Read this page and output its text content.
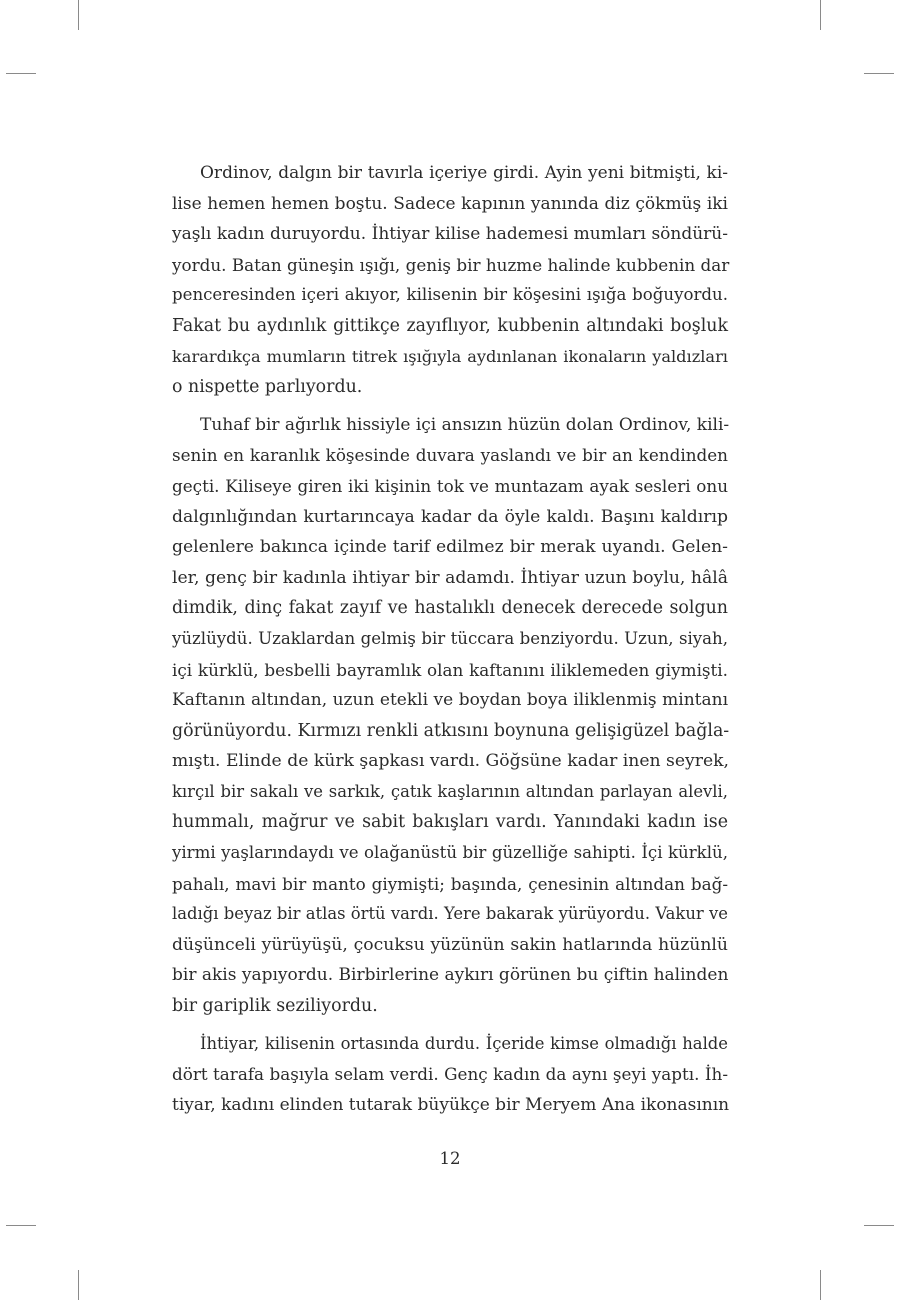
Ordinov, dalgın bir tavırla içeriye girdi. Ayin yeni bitmişti, ki-
lise hemen hemen boştu. Sadece kapının yanında diz çökmüş iki
yaşlı kadın duruyordu. İhtiyar kilise hademesi mumları söndürü-
yordu. Batan güneşin ışığı, geniş bir huzme halinde kubbenin dar
penceresinden içeri akıyor, kilisenin bir köşesini ışığa boğuyordu.
Fakat bu aydınlık gittikçe zayıflıyor, kubbenin altındaki boşluk
karardıkça mumların titrek ışığıyla aydınlanan ikonaların yaldızları
o nispette parlıyordu.
Tuhaf bir ağırlık hissiyle içi ansızın hüzün dolan Ordinov, kili-
senin en karanlık köşesinde duvara yaslandı ve bir an kendinden
geçti. Kiliseye giren iki kişinin tok ve muntazam ayak sesleri onu
dalgınlığından kurtarıncaya kadar da öyle kaldı. Başını kaldırıp
gelenlere bakınca içinde tarif edilmez bir merak uyandı. Gelen-
ler, genç bir kadınla ihtiyar bir adamdı. İhtiyar uzun boylu, hâlâ
dimdik, dinç fakat zayıf ve hastalıklı denecek derecede solgun
yüzlüydü. Uzaklardan gelmiş bir tüccara benziyordu. Uzun, siyah,
içi kürklü, besbelli bayramlık olan kaftanını iliklemeden giymişti.
Kaftanın altından, uzun etekli ve boydan boya iliklenmiş mintanı
görünüyordu. Kırmızı renkli atkısını boynuna gelişigüzel bağla-
mıştı. Elinde de kürk şapkası vardı. Göğsüne kadar inen seyrek,
kırçıl bir sakalı ve sarkık, çatık kaşlarının altından parlayan alevli,
hummalı, mağrur ve sabit bakışları vardı. Yanındaki kadın ise
yirmi yaşlarındaydı ve olağanüstü bir güzelliğe sahipti. İçi kürklü,
pahalı, mavi bir manto giymişti; başında, çenesinin altından bağ-
ladığı beyaz bir atlas örtü vardı. Yere bakarak yürüyordu. Vakur ve
düşünceli yürüyüşü, çocuksu yüzünün sakin hatlarında hüzünlü
bir akis yapıyordu. Birbirlerine aykırı görünen bu çiftin halinden
bir gariplik seziliyordu.
İhtiyar, kilisenin ortasında durdu. İçeride kimse olmadığı halde
dört tarafa başıyla selam verdi. Genç kadın da aynı şeyi yaptı. İh-
tiyar, kadını elinden tutarak büyükçe bir Meryem Ana ikonasının
12
